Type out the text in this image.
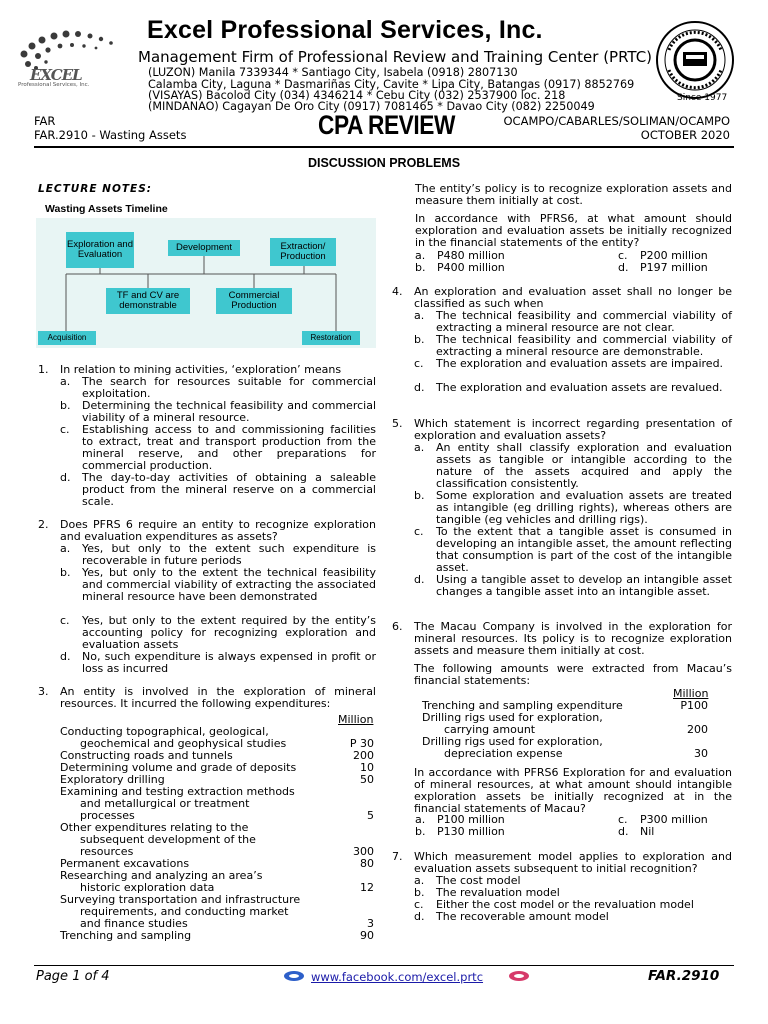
EXCEL
Professional Services, Inc.
Excel Professional Services, Inc.
Management Firm of Professional Review and Training Center (PRTC)
(LUZON) Manila 7339344 * Santiago City, Isabela (0918) 2807130
Calamba City, Laguna * Dasmariñas City, Cavite * Lipa City, Batangas (0917) 8852769
(VISAYAS) Bacolod City (034) 4346214 * Cebu City (032) 2537900 loc. 218
(MINDANAO) Cagayan De Oro City (0917) 7081465 * Davao City (082) 2250049
Since 1977
FAR
FAR.2910 - Wasting Assets	CPA REVIEW	OCAMPO/CABARLES/SOLIMAN/OCAMPO
OCTOBER 2020
DISCUSSION PROBLEMS
LECTURE NOTES:
Wasting Assets Timeline
Exploration and Evaluation
Development	Extraction/ Production
TF and CV are demonstrable
Commercial Production
Acquisition	Restoration
1. In relation to mining activities, ‘exploration’ means
a. The search for resources suitable for commercial exploitation.
b. Determining the technical feasibility and commercial viability of a mineral resource.
c. Establishing access to and commissioning facilities to extract, treat and transport production from the mineral reserve, and other preparations for commercial production.
d. The day-to-day activities of obtaining a saleable product from the mineral reserve on a commercial scale.
2. Does PFRS 6 require an entity to recognize exploration and evaluation expenditures as assets?
a. Yes, but only to the extent such expenditure is recoverable in future periods
b. Yes, but only to the extent the technical feasibility and commercial viability of extracting the associated mineral resource have been demonstrated
c. Yes, but only to the extent required by the entity’s accounting policy for recognizing exploration and evaluation assets
d. No, such expenditure is always expensed in profit or loss as incurred
3. An entity is involved in the exploration of mineral resources. It incurred the following expenditures:
Million
Conducting topographical, geological,
geochemical and geophysical studies	P 30
Constructing roads and tunnels	200
Determining volume and grade of deposits	10
Exploratory drilling	50
Examining and testing extraction methods
and metallurgical or treatment
processes	5
Other expenditures relating to the
subsequent development of the
resources	300
Permanent excavations	80
Researching and analyzing an area’s
historic exploration data	12
Surveying transportation and infrastructure
requirements, and conducting market
and finance studies	3
Trenching and sampling	90
The entity’s policy is to recognize exploration assets and measure them initially at cost.
In accordance with PFRS6, at what amount should exploration and evaluation assets be initially recognized in the financial statements of the entity?
a. P480 million	c. P200 million
b. P400 million	d. P197 million
4. An exploration and evaluation asset shall no longer be classified as such when
a. The technical feasibility and commercial viability of extracting a mineral resource are not clear.
b. The technical feasibility and commercial viability of extracting a mineral resource are demonstrable.
c. The exploration and evaluation assets are impaired.
d. The exploration and evaluation assets are revalued.
5. Which statement is incorrect regarding presentation of exploration and evaluation assets?
a. An entity shall classify exploration and evaluation assets as tangible or intangible according to the nature of the assets acquired and apply the classification consistently.
b. Some exploration and evaluation assets are treated as intangible (eg drilling rights), whereas others are tangible (eg vehicles and drilling rigs).
c. To the extent that a tangible asset is consumed in developing an intangible asset, the amount reflecting that consumption is part of the cost of the intangible asset.
d. Using a tangible asset to develop an intangible asset changes a tangible asset into an intangible asset.
6. The Macau Company is involved in the exploration for mineral resources. Its policy is to recognize exploration assets and measure them initially at cost.
The following amounts were extracted from Macau’s financial statements:
Million
Trenching and sampling expenditure	P100
Drilling rigs used for exploration,
carrying amount	200
Drilling rigs used for exploration,
depreciation expense	30
In accordance with PFRS6 Exploration for and evaluation of mineral resources, at what amount should intangible exploration assets be initially recognized at in the financial statements of Macau?
a. P100 million	c. P300 million
b. P130 million	d. Nil
7. Which measurement model applies to exploration and evaluation assets subsequent to initial recognition?
a. The cost model
b. The revaluation model
c. Either the cost model or the revaluation model
d. The recoverable amount model
Page 1 of 4	www.facebook.com/excel.prtc	FAR.2910
